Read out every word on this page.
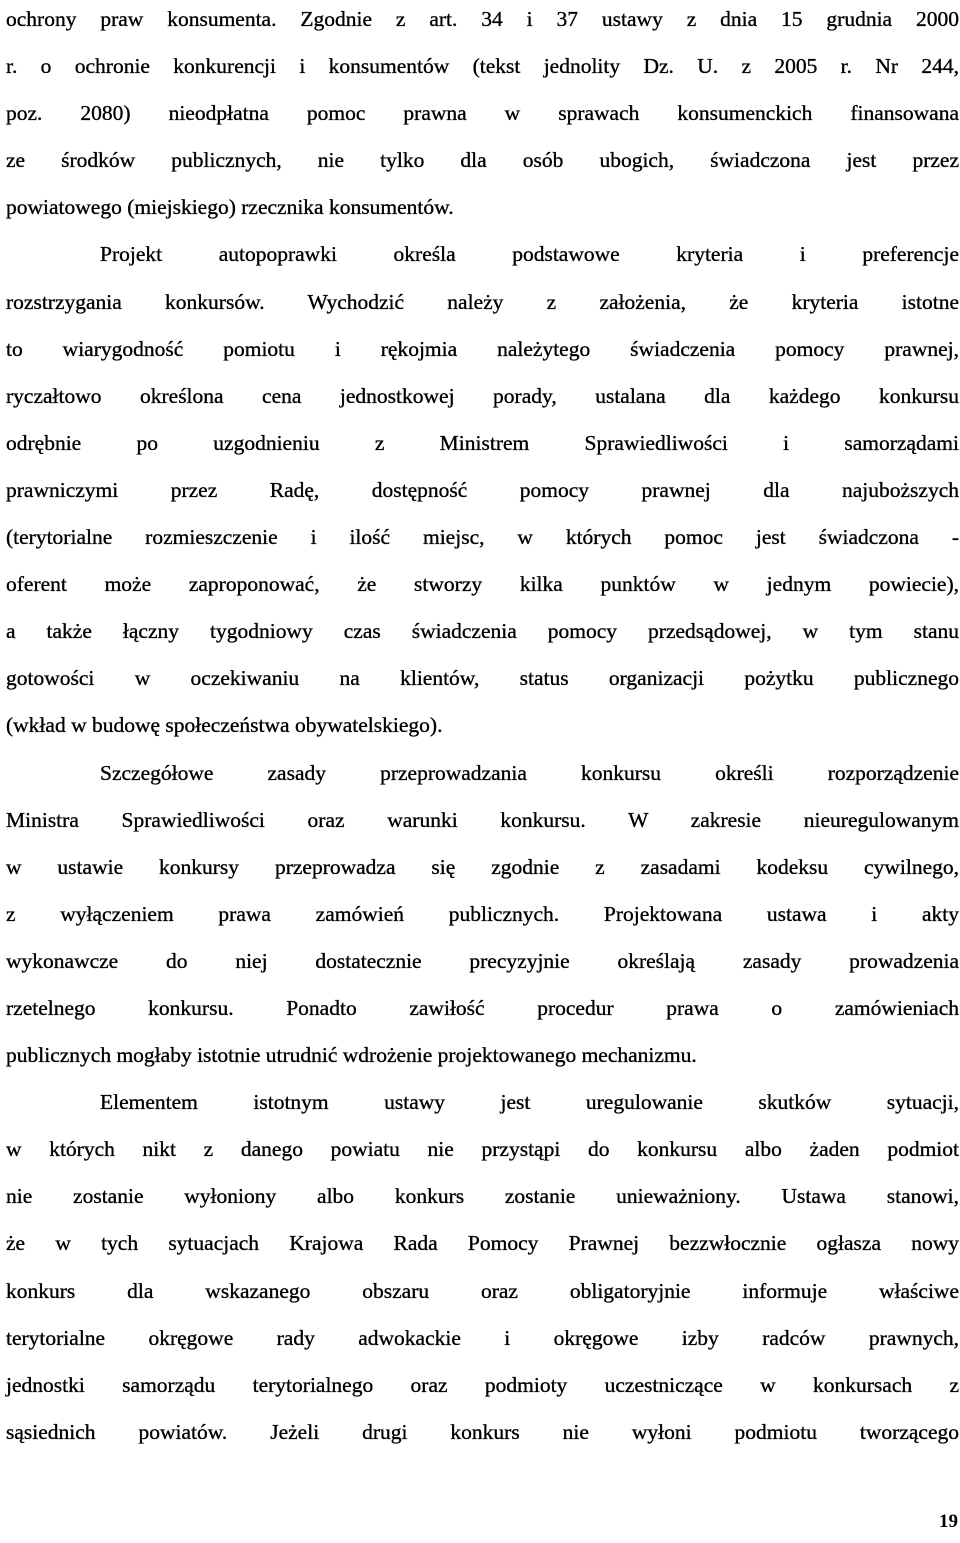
ochrony praw konsumenta. Zgodnie z art. 34 i 37 ustawy z dnia 15 grudnia 2000
r. o ochronie konkurencji i konsumentów (tekst jednolity Dz. U. z 2005 r. Nr 244,
poz. 2080) nieodpłatna pomoc prawna w sprawach konsumenckich finansowana
ze środków publicznych, nie tylko dla osób ubogich, świadczona jest przez
powiatowego (miejskiego) rzecznika konsumentów.

Projekt autopoprawki określa podstawowe kryteria i preferencje
rozstrzygania konkursów. Wychodzić należy z założenia, że kryteria istotne
to wiarygodność pomiotu i rękojmia należytego świadczenia pomocy prawnej,
ryczałtowo określona cena jednostkowej porady, ustalana dla każdego konkursu
odrębnie po uzgodnieniu z Ministrem Sprawiedliwości i samorządami
prawniczymi przez Radę, dostępność pomocy prawnej dla najuboższych
(terytorialne rozmieszczenie i ilość miejsc, w których pomoc jest świadczona -
oferent może zaproponować, że stworzy kilka punktów w jednym powiecie),
a także łączny tygodniowy czas świadczenia pomocy przedsądowej, w tym stanu
gotowości w oczekiwaniu na klientów, status organizacji pożytku publicznego
(wkład w budowę społeczeństwa obywatelskiego).

Szczegółowe zasady przeprowadzania konkursu określi rozporządzenie
Ministra Sprawiedliwości oraz warunki konkursu. W zakresie nieuregulowanym
w ustawie konkursy przeprowadza się zgodnie z zasadami kodeksu cywilnego,
z wyłączeniem prawa zamówień publicznych. Projektowana ustawa i akty
wykonawcze do niej dostatecznie precyzyjnie określają zasady prowadzenia
rzetelnego konkursu. Ponadto zawiłość procedur prawa o zamówieniach
publicznych mogłaby istotnie utrudnić wdrożenie projektowanego mechanizmu.

Elementem istotnym ustawy jest uregulowanie skutków sytuacji,
w których nikt z danego powiatu nie przystąpi do konkursu albo żaden podmiot
nie zostanie wyłoniony albo konkurs zostanie unieważniony. Ustawa stanowi,
że w tych sytuacjach Krajowa Rada Pomocy Prawnej bezzwłocznie ogłasza nowy
konkurs dla wskazanego obszaru oraz obligatoryjnie informuje właściwe
terytorialne okręgowe rady adwokackie i okręgowe izby radców prawnych,
jednostki samorządu terytorialnego oraz podmioty uczestniczące w konkursach z
sąsiednich powiatów. Jeżeli drugi konkurs nie wyłoni podmiotu tworzącego

19
